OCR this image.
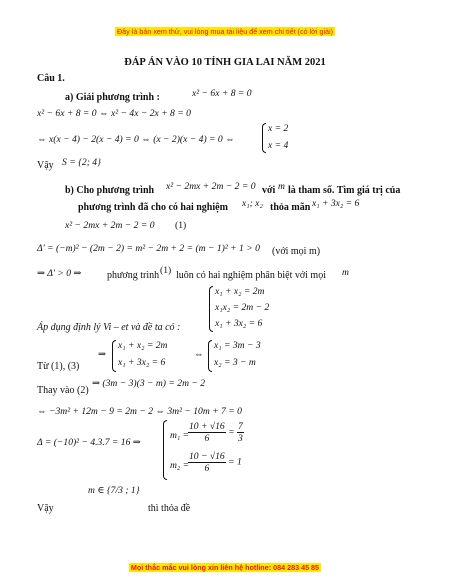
Đây là bản xem thử, vui lòng mua tài liệu để xem chi tiết (có lời giải)
ĐÁP ÁN VÀO 10 TỈNH GIA LAI NĂM 2021
Câu 1.
a) Giải phương trình :	x² − 6x + 8 = 0
x² − 6x + 8 = 0 ⇔ x² − 4x − 2x + 8 = 0
⇔ x(x − 4) − 2(x − 4) = 0 ⇔ (x − 2)(x − 4) = 0 ⇔
x = 2
x = 4
Vậy S = {2; 4}
b) Cho phương trình x² − 2mx + 2m − 2 = 0 với m là tham số. Tìm giá trị của
phương trình đã cho có hai nghiệm x₁; x₂ thỏa mãn x₁ + 3x₂ = 6
x² − 2mx + 2m − 2 = 0 (1)
Δ' = (−m)² − (2m − 2) = m² − 2m + 2 = (m − 1)² + 1 > 0 (với mọi m)
⇒ Δ' > 0 ⇒	phương trình (1) luôn có hai nghiệm phân biệt với mọi m
x₁ + x₂ = 2m
x₁x₂ = 2m − 2
x₁ + 3x₂ = 6
Áp dụng định lý Vi – et và đề ta có :
⇒
x₁ + x₂ = 2m
x₁ + 3x₂ = 6
⇔
x₁ = 3m − 3
x₂ = 3 − m
Từ (1), (3)
Thay vào (2)
⇒ (3m − 3)(3 − m) = 2m − 2
⇔ −3m² + 12m − 9 = 2m − 2 ⇔ 3m² − 10m + 7 = 0
Δ = (−10)² − 4.3.7 = 16 ⇒
m₁ =
$\frac{10 + √16}{6} = \frac{7}{3}$
m₂ =
$\frac{10 - √16}{6} = 1$
Vậy
m ∈ {7/3 ; 1}
thì thỏa đề
Mọi thắc mắc vui lòng xin liên hệ hotline: 084 283 45 85
